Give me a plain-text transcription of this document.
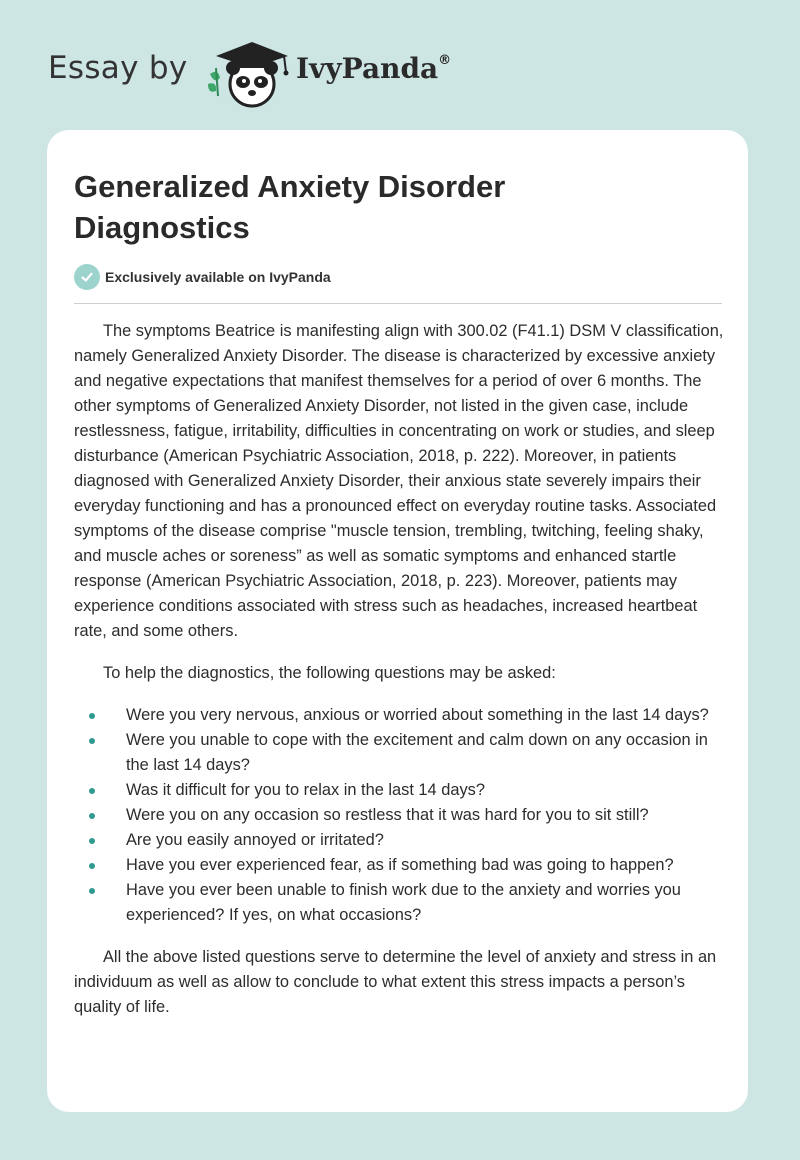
Essay by	IvyPanda®
Generalized Anxiety Disorder
Diagnostics
Exclusively available on IvyPanda

The symptoms Beatrice is manifesting align with 300.02 (F41.1) DSM V classification, namely Generalized Anxiety Disorder. The disease is characterized by excessive anxiety and negative expectations that manifest themselves for a period of over 6 months. The other symptoms of Generalized Anxiety Disorder, not listed in the given case, include restlessness, fatigue, irritability, difficulties in concentrating on work or studies, and sleep disturbance (American Psychiatric Association, 2018, p. 222). Moreover, in patients diagnosed with Generalized Anxiety Disorder, their anxious state severely impairs their everyday functioning and has a pronounced effect on everyday routine tasks. Associated symptoms of the disease comprise "muscle tension, trembling, twitching, feeling shaky, and muscle aches or soreness” as well as somatic symptoms and enhanced startle response (American Psychiatric Association, 2018, p. 223). Moreover, patients may experience conditions associated with stress such as headaches, increased heartbeat rate, and some others.

To help the diagnostics, the following questions may be asked:

Were you very nervous, anxious or worried about something in the last 14 days?
Were you unable to cope with the excitement and calm down on any occasion in the last 14 days?
Was it difficult for you to relax in the last 14 days?
Were you on any occasion so restless that it was hard for you to sit still?
Are you easily annoyed or irritated?
Have you ever experienced fear, as if something bad was going to happen?
Have you ever been unable to finish work due to the anxiety and worries you experienced? If yes, on what occasions?

All the above listed questions serve to determine the level of anxiety and stress in an individuum as well as allow to conclude to what extent this stress impacts a person’s quality of life.
